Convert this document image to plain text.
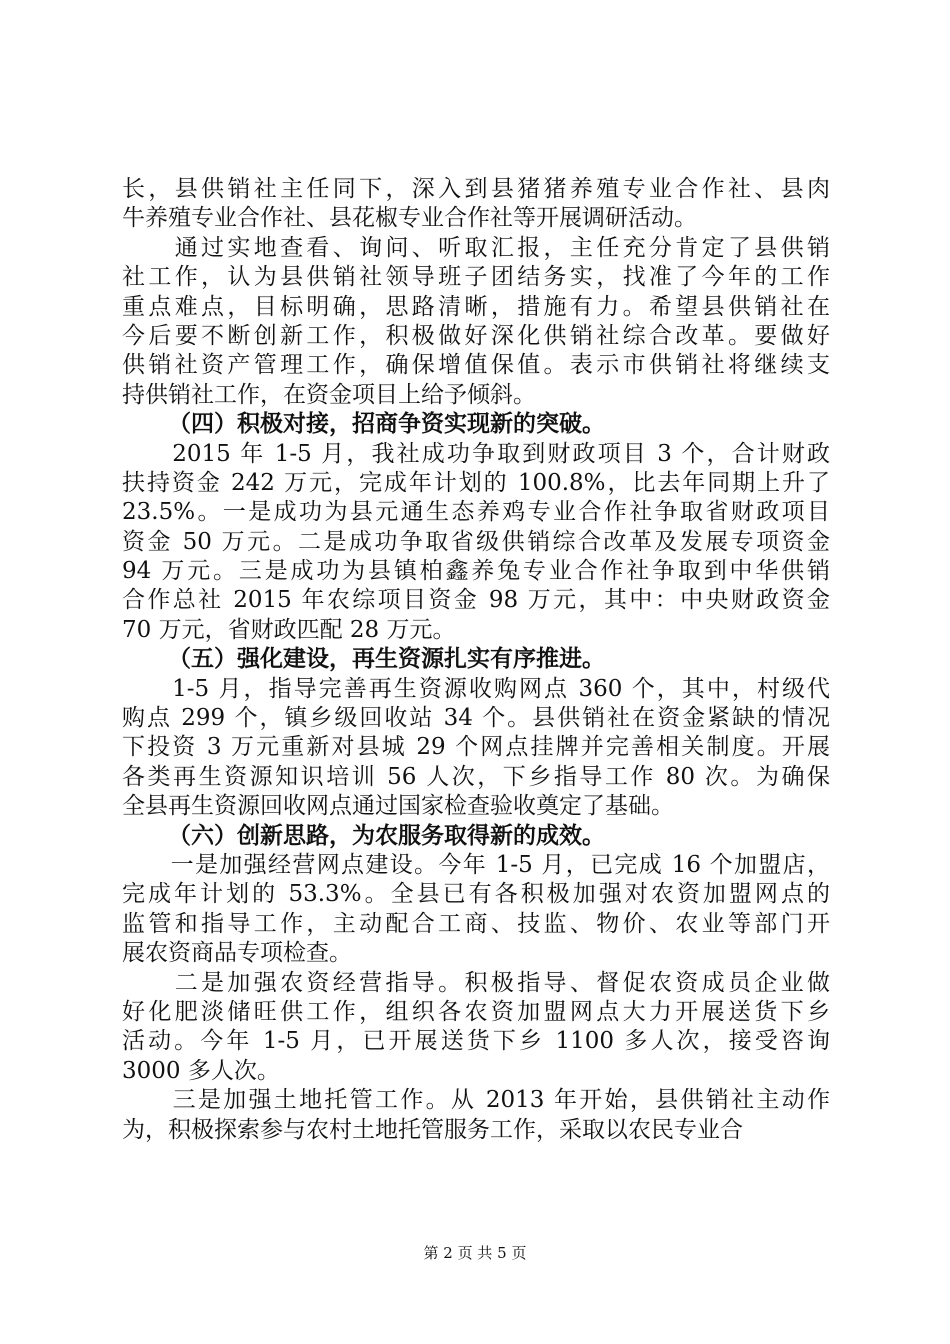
长，县供销社主任同下，深入到县猪猪养殖专业合作社、县肉
牛养殖专业合作社、县花椒专业合作社等开展调研活动。
　　通过实地查看、询问、听取汇报，主任充分肯定了县供销
社工作，认为县供销社领导班子团结务实，找准了今年的工作
重点难点，目标明确，思路清晰，措施有力。希望县供销社在
今后要不断创新工作，积极做好深化供销社综合改革。要做好
供销社资产管理工作，确保增值保值。表示市供销社将继续支
持供销社工作，在资金项目上给予倾斜。
（四）积极对接，招商争资实现新的突破。
　　2015 年 1-5 月，我社成功争取到财政项目 3 个，合计财政
扶持资金 242 万元，完成年计划的 100.8%，比去年同期上升了
23.5%。一是成功为县元通生态养鸡专业合作社争取省财政项目
资金 50 万元。二是成功争取省级供销综合改革及发展专项资金
94 万元。三是成功为县镇柏鑫养兔专业合作社争取到中华供销
合作总社 2015 年农综项目资金 98 万元，其中：中央财政资金
70 万元，省财政匹配 28 万元。
（五）强化建设，再生资源扎实有序推进。
　　1-5 月，指导完善再生资源收购网点 360 个，其中，村级代
购点 299 个，镇乡级回收站 34 个。县供销社在资金紧缺的情况
下投资 3 万元重新对县城 29 个网点挂牌并完善相关制度。开展
各类再生资源知识培训 56 人次，下乡指导工作 80 次。为确保
全县再生资源回收网点通过国家检查验收奠定了基础。
（六）创新思路，为农服务取得新的成效。
　　一是加强经营网点建设。今年 1-5 月，已完成 16 个加盟店，
完成年计划的 53.3%。全县已有各积极加强对农资加盟网点的
监管和指导工作，主动配合工商、技监、物价、农业等部门开
展农资商品专项检查。
　　二是加强农资经营指导。积极指导、督促农资成员企业做
好化肥淡储旺供工作，组织各农资加盟网点大力开展送货下乡
活动。今年 1-5 月，已开展送货下乡 1100 多人次，接受咨询
3000 多人次。
　　三是加强土地托管工作。从 2013 年开始，县供销社主动作
为，积极探索参与农村土地托管服务工作，采取以农民专业合
第 2 页 共 5 页
